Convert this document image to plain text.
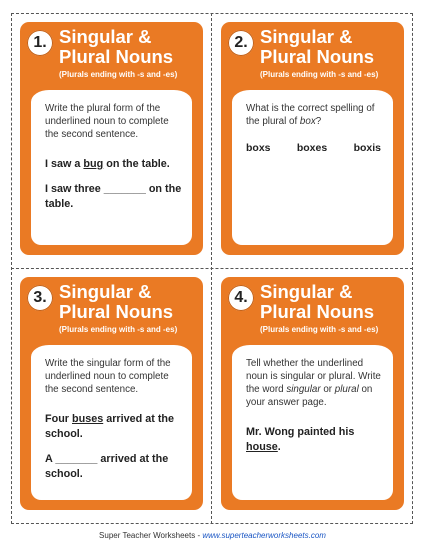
1. Singular &
Plural Nouns
(Plurals ending with -s and -es)

Write the plural form of the underlined noun to complete the second sentence.

I saw a bug on the table.

I saw three _______ on the table.

2. Singular &
Plural Nouns
(Plurals ending with -s and -es)

What is the correct spelling of the plural of box?

boxs	boxes	boxis
3. Singular &
Plural Nouns
(Plurals ending with -s and -es)

Write the singular form of the underlined noun to complete the second sentence.

Four buses arrived at the school.

A _______ arrived at the school.

4. Singular &
Plural Nouns
(Plurals ending with -s and -es)

Tell whether the underlined noun is singular or plural. Write the word singular or plural on your answer page.

Mr. Wong painted his house.

Super Teacher Worksheets - www.superteacherworksheets.com
